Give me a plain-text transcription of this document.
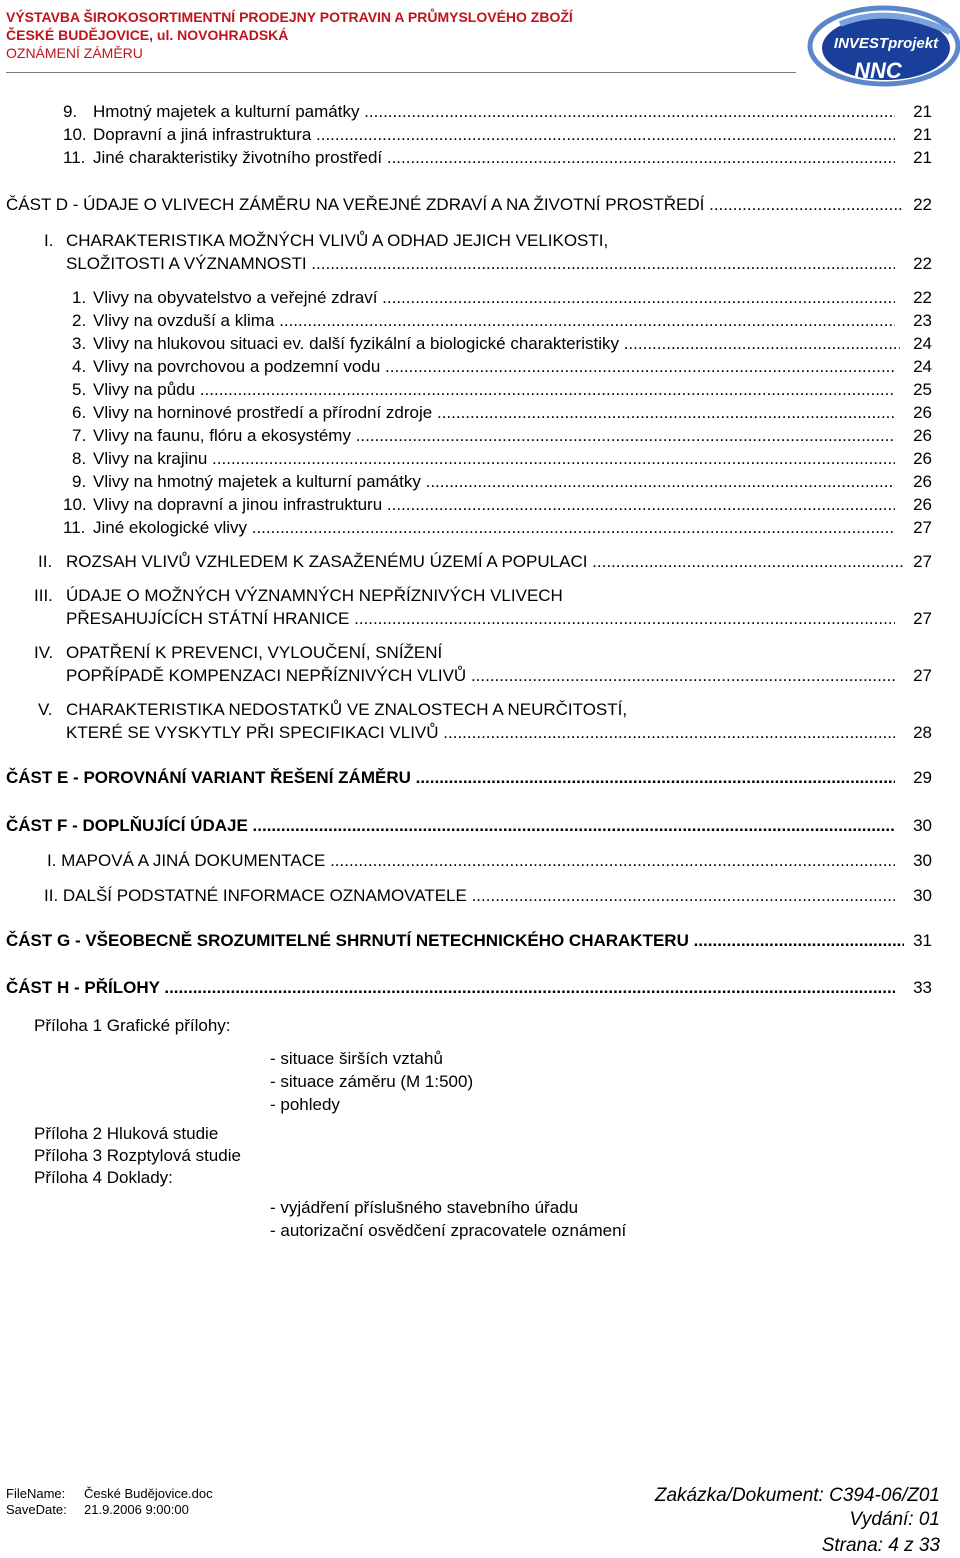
VÝSTAVBA ŠIROKOSORTIMENTNÍ PRODEJNY POTRAVIN A PRŮMYSLOVÉHO ZBOŽÍ
ČESKÉ BUDĚJOVICE, ul. NOVOHRADSKÁ
OZNÁMENÍ ZÁMĚRU
INVESTprojekt
NNC
9. Hmotný majetek a kulturní památky .....	21
10. Dopravní a jiná infrastruktura .....	21
11. Jiné charakteristiky životního prostředí .....	21
ČÁST D - ÚDAJE O VLIVECH ZÁMĚRU NA VEŘEJNÉ ZDRAVÍ A NA ŽIVOTNÍ PROSTŘEDÍ .....	22
I. CHARAKTERISTIKA MOŽNÝCH VLIVŮ A ODHAD JEJICH VELIKOSTI,
SLOŽITOSTI A VÝZNAMNOSTI .....	22
1. Vlivy na obyvatelstvo a veřejné zdraví .....	22
2. Vlivy na ovzduší a klima .....	23
3. Vlivy na hlukovou situaci ev. další fyzikální a biologické charakteristiky .....	24
4. Vlivy na povrchovou a podzemní vodu .....	24
5. Vlivy na půdu .....	25
6. Vlivy na horninové prostředí a přírodní zdroje .....	26
7. Vlivy na faunu, flóru a ekosystémy .....	26
8. Vlivy na krajinu .....	26
9. Vlivy na hmotný majetek a kulturní památky .....	26
10. Vlivy na dopravní a jinou infrastrukturu .....	26
11. Jiné ekologické vlivy .....	27
II. ROZSAH VLIVŮ VZHLEDEM K ZASAŽENÉMU ÚZEMÍ A POPULACI .....	27
III. ÚDAJE O MOŽNÝCH VÝZNAMNÝCH NEPŘÍZNIVÝCH VLIVECH
PŘESAHUJÍCÍCH STÁTNÍ HRANICE .....	27
IV. OPATŘENÍ K PREVENCI, VYLOUČENÍ, SNÍŽENÍ
POPŘÍPADĚ KOMPENZACI NEPŘÍZNIVÝCH VLIVŮ .....	27
V. CHARAKTERISTIKA NEDOSTATKŮ VE ZNALOSTECH A NEURČITOSTÍ,
KTERÉ SE VYSKYTLY PŘI SPECIFIKACI VLIVŮ .....	28
ČÁST E - POROVNÁNÍ VARIANT ŘEŠENÍ ZÁMĚRU .....	29
ČÁST F - DOPLŇUJÍCÍ ÚDAJE .....	30
I. MAPOVÁ A JINÁ DOKUMENTACE .....	30
II. DALŠÍ PODSTATNÉ INFORMACE OZNAMOVATELE .....	30
ČÁST G - VŠEOBECNĚ SROZUMITELNÉ SHRNUTÍ NETECHNICKÉHO CHARAKTERU .....	31
ČÁST H - PŘÍLOHY .....	33
Příloha 1 Grafické přílohy:
- situace širších vztahů
- situace záměru (M 1:500)
- pohledy
Příloha 2 Hluková studie
Příloha 3 Rozptylová studie
Příloha 4 Doklady:
- vyjádření příslušného stavebního úřadu
- autorizační osvědčení zpracovatele oznámení
FileName: České Budějovice.doc
SaveDate: 21.9.2006 9:00:00
Zakázka/Dokument: C394-06/Z01
Vydání: 01
Strana: 4 z 33
